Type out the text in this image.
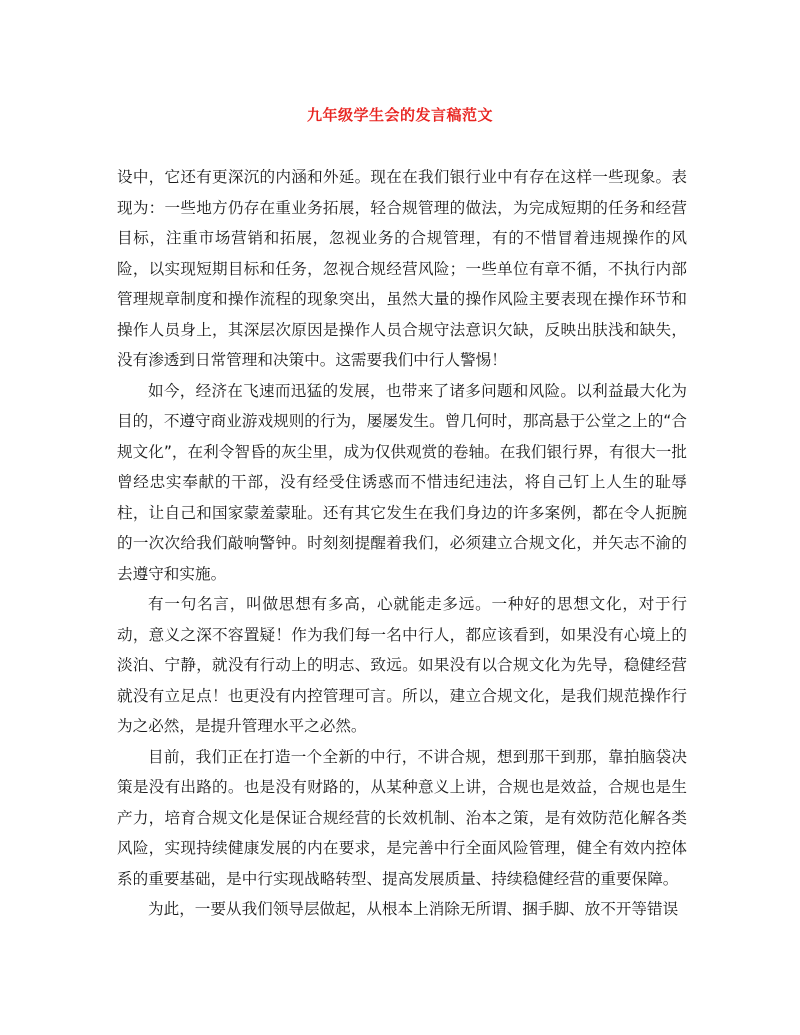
九年级学生会的发言稿范文

设中，它还有更深沉的内涵和外延。现在在我们银行业中有存在这样一些现象。表现为：一些地方仍存在重业务拓展，轻合规管理的做法，为完成短期的任务和经营目标，注重市场营销和拓展，忽视业务的合规管理，有的不惜冒着违规操作的风险，以实现短期目标和任务，忽视合规经营风险；一些单位有章不循，不执行内部管理规章制度和操作流程的现象突出，虽然大量的操作风险主要表现在操作环节和操作人员身上，其深层次原因是操作人员合规守法意识欠缺，反映出肤浅和缺失，没有渗透到日常管理和决策中。这需要我们中行人警惕！

如今，经济在飞速而迅猛的发展，也带来了诸多问题和风险。以利益最大化为目的，不遵守商业游戏规则的行为，屡屡发生。曾几何时，那高悬于公堂之上的“合规文化”，在利令智昏的灰尘里，成为仅供观赏的卷轴。在我们银行界，有很大一批曾经忠实奉献的干部，没有经受住诱惑而不惜违纪违法，将自己钉上人生的耻辱柱，让自己和国家蒙羞蒙耻。还有其它发生在我们身边的许多案例，都在令人扼腕的一次次给我们敲响警钟。时刻刻提醒着我们，必须建立合规文化，并矢志不渝的去遵守和实施。

有一句名言，叫做思想有多高，心就能走多远。一种好的思想文化，对于行动，意义之深不容置疑！作为我们每一名中行人，都应该看到，如果没有心境上的淡泊、宁静，就没有行动上的明志、致远。如果没有以合规文化为先导，稳健经营就没有立足点！也更没有内控管理可言。所以，建立合规文化，是我们规范操作行为之必然，是提升管理水平之必然。

目前，我们正在打造一个全新的中行，不讲合规，想到那干到那，靠拍脑袋决策是没有出路的。也是没有财路的，从某种意义上讲，合规也是效益，合规也是生产力，培育合规文化是保证合规经营的长效机制、治本之策，是有效防范化解各类风险，实现持续健康发展的内在要求，是完善中行全面风险管理，健全有效内控体系的重要基础，是中行实现战略转型、提高发展质量、持续稳健经营的重要保障。

为此，一要从我们领导层做起，从根本上消除无所谓、捆手脚、放不开等错误
